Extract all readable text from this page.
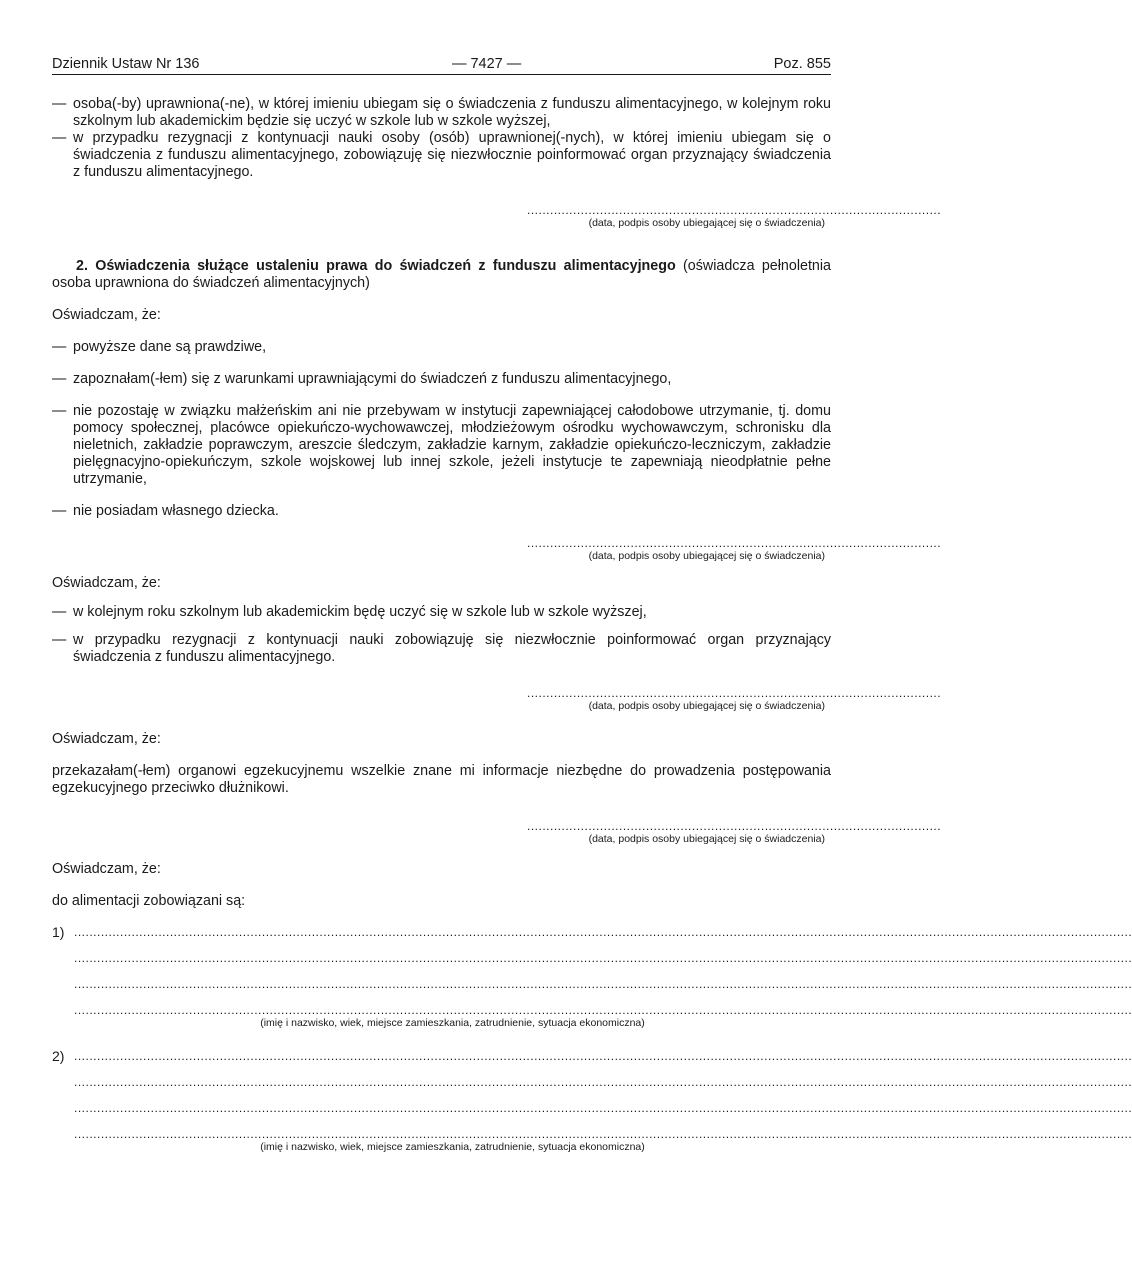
Dziennik Ustaw Nr 136	— 7427 —	Poz. 855
— osoba(-by) uprawniona(-ne), w której imieniu ubiegam się o świadczenia z funduszu alimentacyjnego, w kolejnym roku szkolnym lub akademickim będzie się uczyć w szkole lub w szkole wyższej,
— w przypadku rezygnacji z kontynuacji nauki osoby (osób) uprawnionej(-nych), w której imieniu ubiegam się o świadczenia z funduszu alimentacyjnego, zobowiązuję się niezwłocznie poinformować organ przyznający świadczenia z funduszu alimentacyjnego.
............................................................................................................
(data, podpis osoby ubiegającej się o świadczenia)
2. Oświadczenia służące ustaleniu prawa do świadczeń z funduszu alimentacyjnego (oświadcza pełnoletnia osoba uprawniona do świadczeń alimentacyjnych)
Oświadczam, że:
— powyższe dane są prawdziwe,
— zapoznałam(-łem) się z warunkami uprawniającymi do świadczeń z funduszu alimentacyjnego,
— nie pozostaję w związku małżeńskim ani nie przebywam w instytucji zapewniającej całodobowe utrzymanie, tj. domu pomocy społecznej, placówce opiekuńczo-wychowawczej, młodzieżowym ośrodku wychowawczym, schronisku dla nieletnich, zakładzie poprawczym, areszcie śledczym, zakładzie karnym, zakładzie opiekuńczo-leczniczym, zakładzie pielęgnacyjno-opiekuńczym, szkole wojskowej lub innej szkole, jeżeli instytucje te zapewniają nieodpłatnie pełne utrzymanie,
— nie posiadam własnego dziecka.
............................................................................................................
(data, podpis osoby ubiegającej się o świadczenia)
Oświadczam, że:
— w kolejnym roku szkolnym lub akademickim będę uczyć się w szkole lub w szkole wyższej,
— w przypadku rezygnacji z kontynuacji nauki zobowiązuję się niezwłocznie poinformować organ przyznający świadczenia z funduszu alimentacyjnego.
............................................................................................................
(data, podpis osoby ubiegającej się o świadczenia)
Oświadczam, że:
przekazałam(-łem) organowi egzekucyjnemu wszelkie znane mi informacje niezbędne do prowadzenia postępowania egzekucyjnego przeciwko dłużnikowi.
............................................................................................................
(data, podpis osoby ubiegającej się o świadczenia)
Oświadczam, że:
do alimentacji zobowiązani są:
1) ....................................................................................................................................................................................................................................................................................
....................................................................................................................................................................................................................................................................................
....................................................................................................................................................................................................................................................................................
....................................................................................................................................................................................................................................................................................
(imię i nazwisko, wiek, miejsce zamieszkania, zatrudnienie, sytuacja ekonomiczna)
2) ....................................................................................................................................................................................................................................................................................
....................................................................................................................................................................................................................................................................................
....................................................................................................................................................................................................................................................................................
....................................................................................................................................................................................................................................................................................
(imię i nazwisko, wiek, miejsce zamieszkania, zatrudnienie, sytuacja ekonomiczna)
